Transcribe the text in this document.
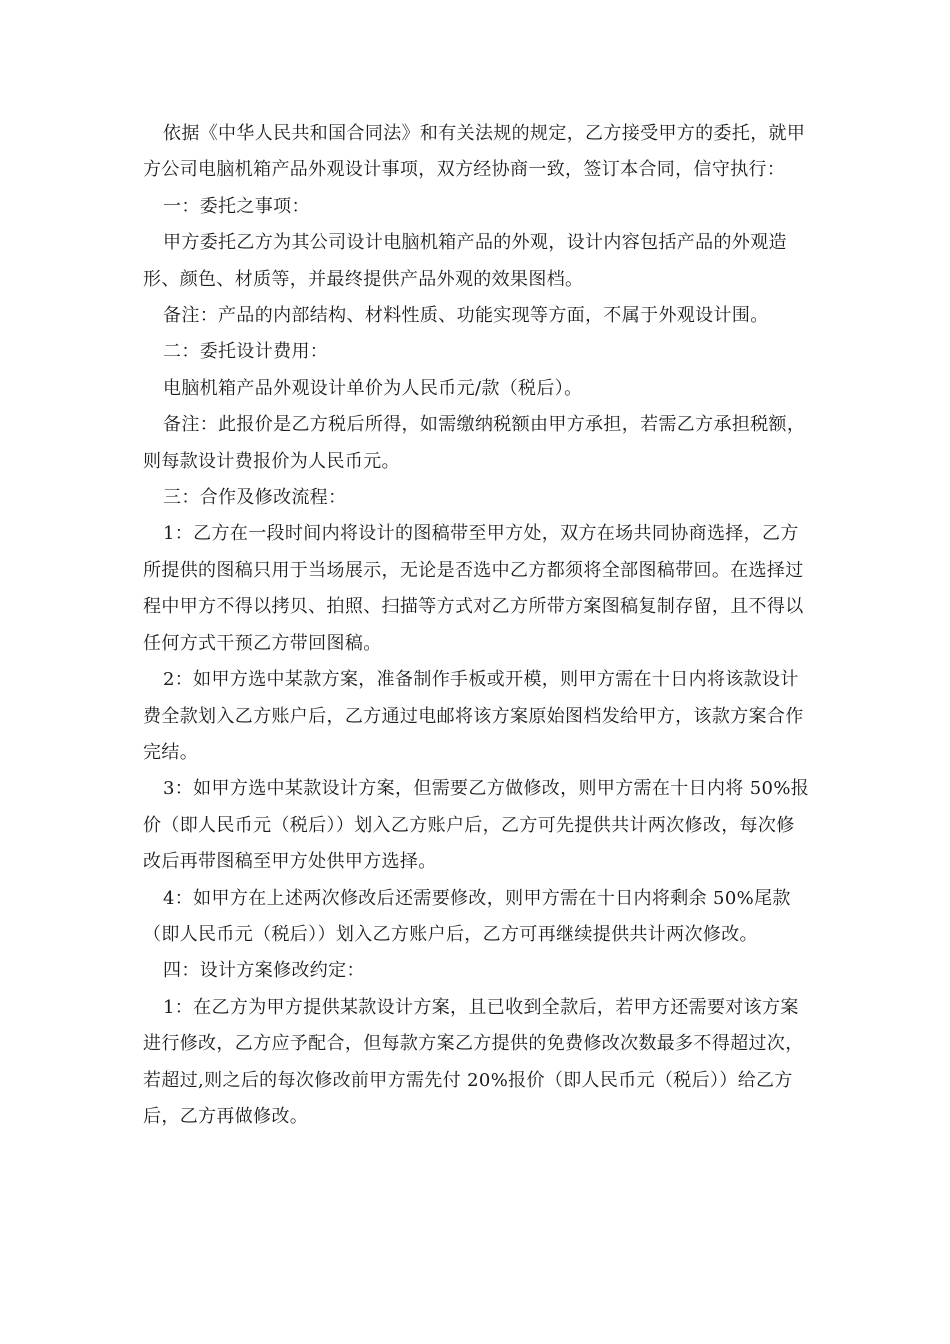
依据《中华人民共和国合同法》和有关法规的规定，乙方接受甲方的委托，就甲方公司电脑机箱产品外观设计事项，双方经协商一致，签订本合同，信守执行：

一：委托之事项：

甲方委托乙方为其公司设计电脑机箱产品的外观，设计内容包括产品的外观造形、颜色、材质等，并最终提供产品外观的效果图档。

备注：产品的内部结构、材料性质、功能实现等方面，不属于外观设计围。

二：委托设计费用：

电脑机箱产品外观设计单价为人民币元/款（税后）。

备注：此报价是乙方税后所得，如需缴纳税额由甲方承担，若需乙方承担税额，则每款设计费报价为人民币元。

三：合作及修改流程：

1：乙方在一段时间内将设计的图稿带至甲方处，双方在场共同协商选择，乙方所提供的图稿只用于当场展示，无论是否选中乙方都须将全部图稿带回。在选择过程中甲方不得以拷贝、拍照、扫描等方式对乙方所带方案图稿复制存留，且不得以任何方式干预乙方带回图稿。

2：如甲方选中某款方案，准备制作手板或开模，则甲方需在十日内将该款设计费全款划入乙方账户后，乙方通过电邮将该方案原始图档发给甲方，该款方案合作完结。

3：如甲方选中某款设计方案，但需要乙方做修改，则甲方需在十日内将 50%报价（即人民币元（税后））划入乙方账户后，乙方可先提供共计两次修改，每次修改后再带图稿至甲方处供甲方选择。

4：如甲方在上述两次修改后还需要修改，则甲方需在十日内将剩余 50%尾款（即人民币元（税后））划入乙方账户后，乙方可再继续提供共计两次修改。

四：设计方案修改约定：

1：在乙方为甲方提供某款设计方案，且已收到全款后，若甲方还需要对该方案进行修改，乙方应予配合，但每款方案乙方提供的免费修改次数最多不得超过次，若超过,则之后的每次修改前甲方需先付 20%报价（即人民币元（税后））给乙方后，乙方再做修改。
